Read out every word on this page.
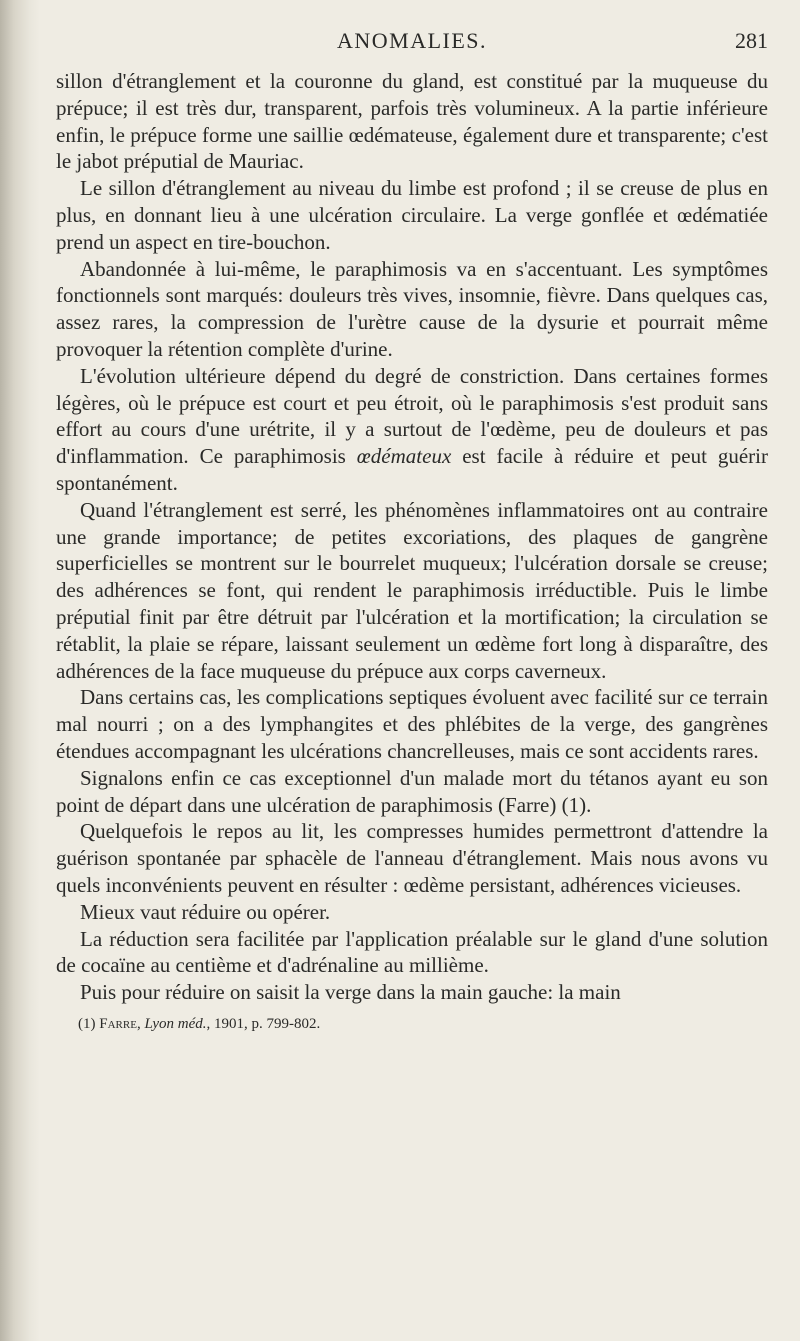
ANOMALIES.	281

sillon d'étranglement et la couronne du gland, est constitué par la muqueuse du prépuce; il est très dur, transparent, parfois très volumineux. A la partie inférieure enfin, le prépuce forme une saillie œdémateuse, également dure et transparente; c'est le jabot préputial de Mauriac.

Le sillon d'étranglement au niveau du limbe est profond ; il se creuse de plus en plus, en donnant lieu à une ulcération circulaire. La verge gonflée et œdématiée prend un aspect en tire-bouchon.

Abandonnée à lui-même, le paraphimosis va en s'accentuant. Les symptômes fonctionnels sont marqués: douleurs très vives, insomnie, fièvre. Dans quelques cas, assez rares, la compression de l'urètre cause de la dysurie et pourrait même provoquer la rétention complète d'urine.

L'évolution ultérieure dépend du degré de constriction. Dans certaines formes légères, où le prépuce est court et peu étroit, où le paraphimosis s'est produit sans effort au cours d'une urétrite, il y a surtout de l'œdème, peu de douleurs et pas d'inflammation. Ce paraphimosis œdémateux est facile à réduire et peut guérir spontanément.

Quand l'étranglement est serré, les phénomènes inflammatoires ont au contraire une grande importance; de petites excoriations, des plaques de gangrène superficielles se montrent sur le bourrelet muqueux; l'ulcération dorsale se creuse; des adhérences se font, qui rendent le paraphimosis irréductible. Puis le limbe préputial finit par être détruit par l'ulcération et la mortification; la circulation se rétablit, la plaie se répare, laissant seulement un œdème fort long à disparaître, des adhérences de la face muqueuse du prépuce aux corps caverneux.

Dans certains cas, les complications septiques évoluent avec facilité sur ce terrain mal nourri ; on a des lymphangites et des phlébites de la verge, des gangrènes étendues accompagnant les ulcérations chancrelleuses, mais ce sont accidents rares.

Signalons enfin ce cas exceptionnel d'un malade mort du tétanos ayant eu son point de départ dans une ulcération de paraphimosis (Farre) (1).

Quelquefois le repos au lit, les compresses humides permettront d'attendre la guérison spontanée par sphacèle de l'anneau d'étranglement. Mais nous avons vu quels inconvénients peuvent en résulter : œdème persistant, adhérences vicieuses.

Mieux vaut réduire ou opérer.

La réduction sera facilitée par l'application préalable sur le gland d'une solution de cocaïne au centième et d'adrénaline au millième.

Puis pour réduire on saisit la verge dans la main gauche: la main

(1) Farre, Lyon méd., 1901, p. 799-802.
